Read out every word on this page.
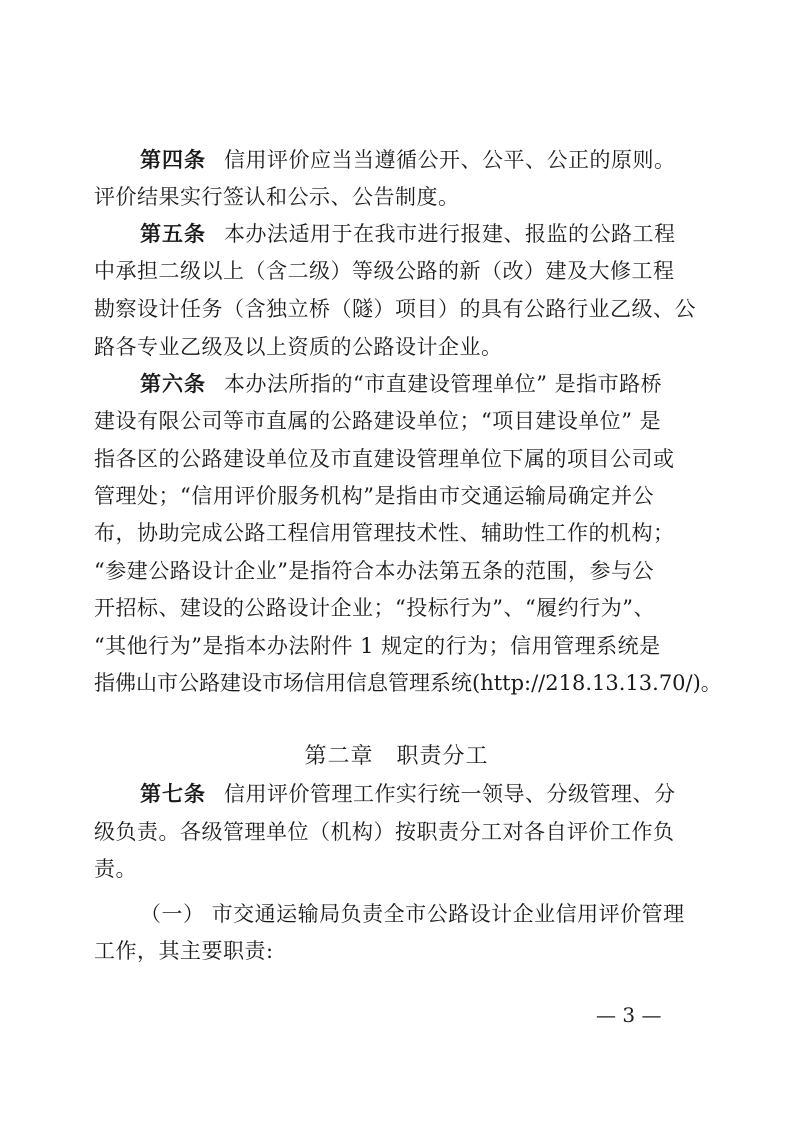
第四条 信用评价应当当遵循公开、公平、公正的原则。
评价结果实行签认和公示、公告制度。
第五条 本办法适用于在我市进行报建、报监的公路工程
中承担二级以上（含二级）等级公路的新（改）建及大修工程
勘察设计任务（含独立桥（隧）项目）的具有公路行业乙级、公
路各专业乙级及以上资质的公路设计企业。
第六条 本办法所指的“市直建设管理单位” 是指市路桥
建设有限公司等市直属的公路建设单位；“项目建设单位” 是
指各区的公路建设单位及市直建设管理单位下属的项目公司或
管理处；“信用评价服务机构”是指由市交通运输局确定并公
布，协助完成公路工程信用管理技术性、辅助性工作的机构；
“参建公路设计企业”是指符合本办法第五条的范围，参与公
开招标、建设的公路设计企业；“投标行为”、“履约行为”、
“其他行为”是指本办法附件 1 规定的行为；信用管理系统是
指佛山市公路建设市场信用信息管理系统(http://218.13.13.70/)。
第二章　职责分工
第七条 信用评价管理工作实行统一领导、分级管理、分
级负责。各级管理单位（机构）按职责分工对各自评价工作负
责。
（一） 市交通运输局负责全市公路设计企业信用评价管理
工作，其主要职责:
— 3 —
